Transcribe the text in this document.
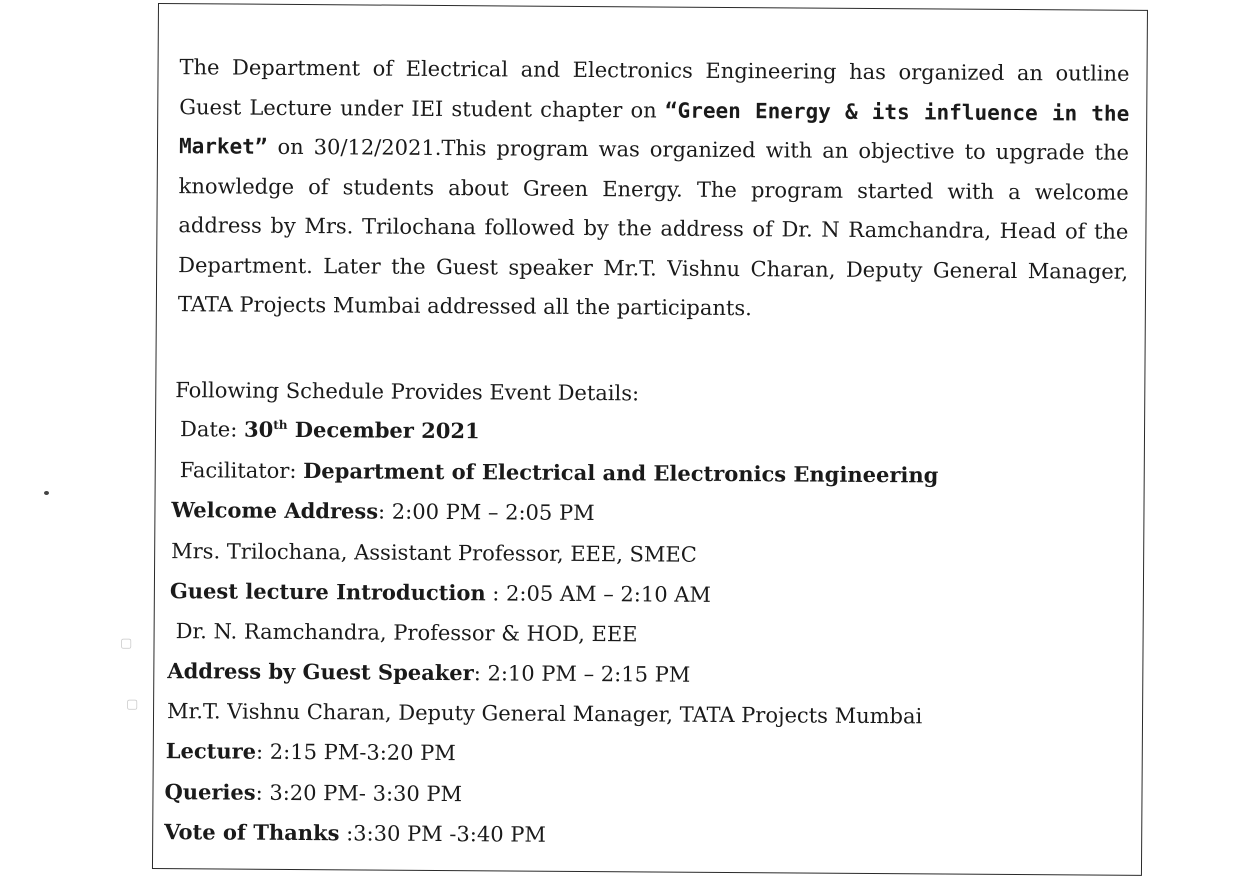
▢
▢

The Department of Electrical and Electronics Engineering has organized an outline Guest Lecture under IEI student chapter on “Green Energy & its influence in the Market” on 30/12/2021.This program was organized with an objective to upgrade the knowledge of students about Green Energy. The program started with a welcome address by Mrs. Trilochana followed by the address of Dr. N Ramchandra, Head of the Department. Later the Guest speaker Mr.T. Vishnu Charan, Deputy General Manager, TATA Projects Mumbai addressed all the participants.

Following Schedule Provides Event Details:
Date: 30th December 2021
Facilitator: Department of Electrical and Electronics Engineering
Welcome Address: 2:00 PM – 2:05 PM
Mrs. Trilochana, Assistant Professor, EEE, SMEC
Guest lecture Introduction : 2:05 AM – 2:10 AM
Dr. N. Ramchandra, Professor & HOD, EEE
Address by Guest Speaker: 2:10 PM – 2:15 PM
Mr.T. Vishnu Charan, Deputy General Manager, TATA Projects Mumbai
Lecture: 2:15 PM-3:20 PM
Queries: 3:20 PM- 3:30 PM
Vote of Thanks :3:30 PM -3:40 PM
